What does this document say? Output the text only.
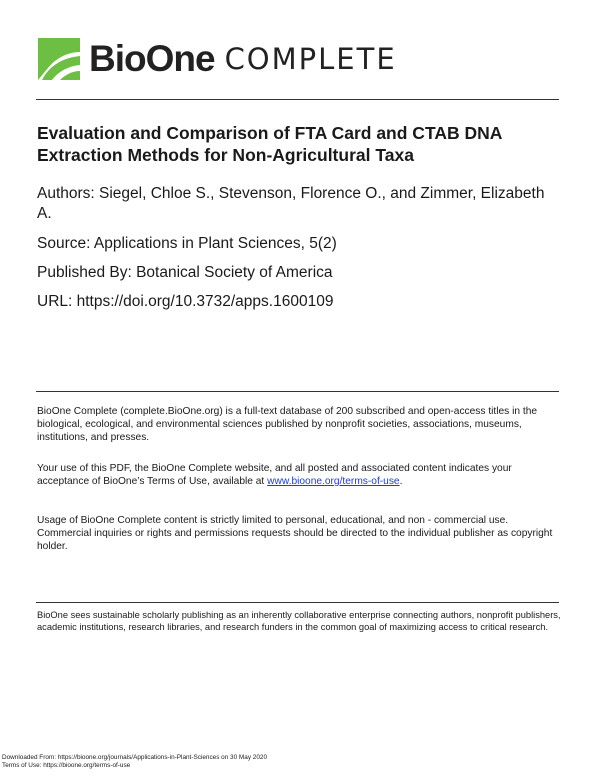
BioOne COMPLETE
Evaluation and Comparison of FTA Card and CTAB DNA Extraction Methods for Non-Agricultural Taxa
Authors: Siegel, Chloe S., Stevenson, Florence O., and Zimmer, Elizabeth A.
Source: Applications in Plant Sciences, 5(2)
Published By: Botanical Society of America
URL: https://doi.org/10.3732/apps.1600109
BioOne Complete (complete.BioOne.org) is a full-text database of 200 subscribed and open-access titles in the biological, ecological, and environmental sciences published by nonprofit societies, associations, museums, institutions, and presses.
Your use of this PDF, the BioOne Complete website, and all posted and associated content indicates your acceptance of BioOne’s Terms of Use, available at www.bioone.org/terms-of-use.
Usage of BioOne Complete content is strictly limited to personal, educational, and non - commercial use. Commercial inquiries or rights and permissions requests should be directed to the individual publisher as copyright holder.
BioOne sees sustainable scholarly publishing as an inherently collaborative enterprise connecting authors, nonprofit publishers, academic institutions, research libraries, and research funders in the common goal of maximizing access to critical research.
Downloaded From: https://bioone.org/journals/Applications-in-Plant-Sciences on 30 May 2020
Terms of Use: https://bioone.org/terms-of-use
